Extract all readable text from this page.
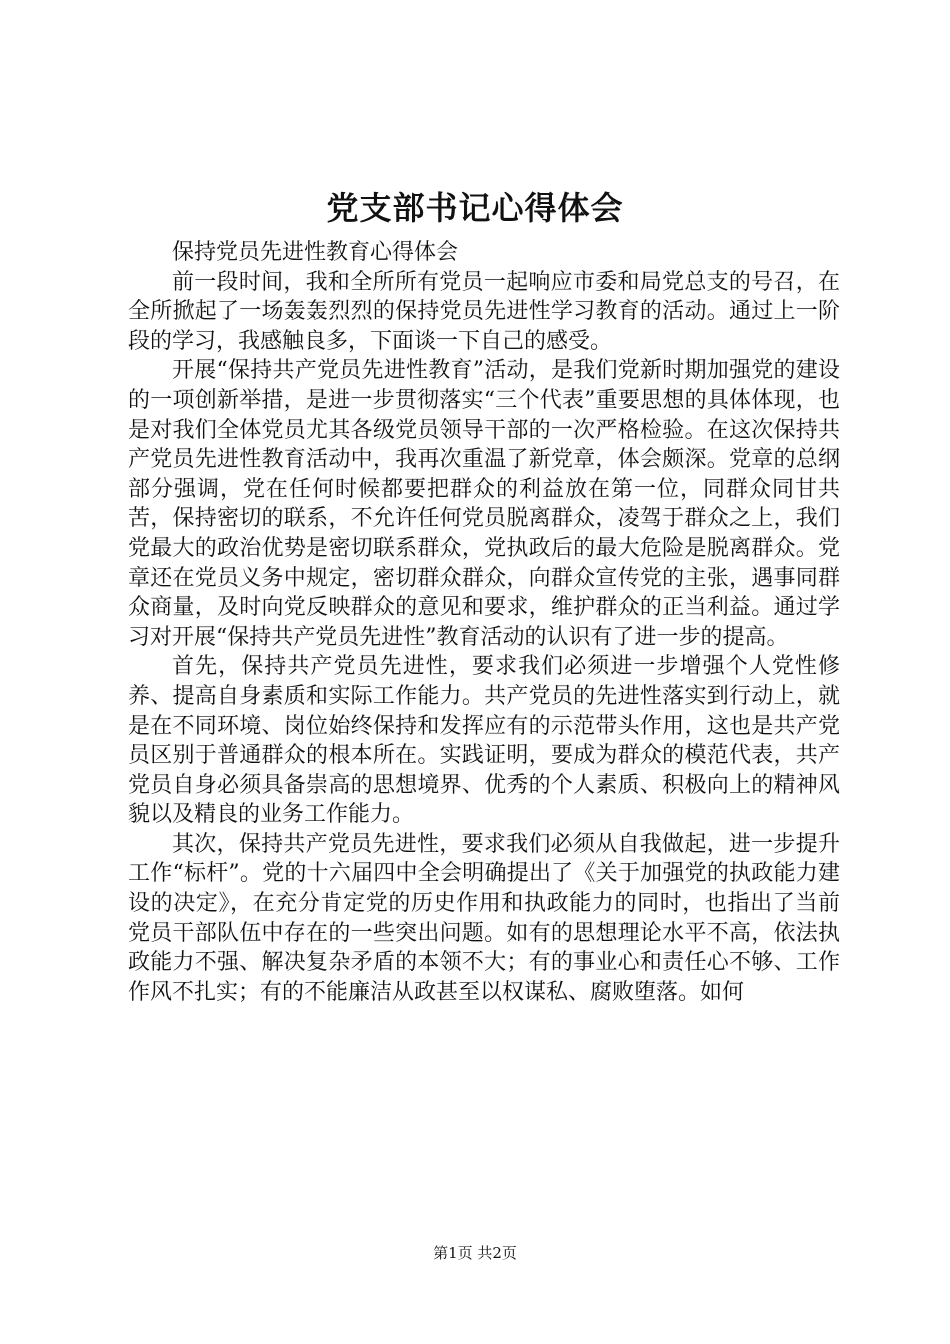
党支部书记心得体会

保持党员先进性教育心得体会

前一段时间，我和全所所有党员一起响应市委和局党总支的号召，在全所掀起了一场轰轰烈烈的保持党员先进性学习教育的活动。通过上一阶段的学习，我感触良多，下面谈一下自己的感受。

开展“保持共产党员先进性教育”活动，是我们党新时期加强党的建设的一项创新举措，是进一步贯彻落实“三个代表”重要思想的具体体现，也是对我们全体党员尤其各级党员领导干部的一次严格检验。在这次保持共产党员先进性教育活动中，我再次重温了新党章，体会颇深。党章的总纲部分强调，党在任何时候都要把群众的利益放在第一位，同群众同甘共苦，保持密切的联系，不允许任何党员脱离群众，凌驾于群众之上，我们党最大的政治优势是密切联系群众，党执政后的最大危险是脱离群众。党章还在党员义务中规定，密切群众群众，向群众宣传党的主张，遇事同群众商量，及时向党反映群众的意见和要求，维护群众的正当利益。通过学习对开展“保持共产党员先进性”教育活动的认识有了进一步的提高。

首先，保持共产党员先进性，要求我们必须进一步增强个人党性修养、提高自身素质和实际工作能力。共产党员的先进性落实到行动上，就是在不同环境、岗位始终保持和发挥应有的示范带头作用，这也是共产党员区别于普通群众的根本所在。实践证明，要成为群众的模范代表，共产党员自身必须具备崇高的思想境界、优秀的个人素质、积极向上的精神风貌以及精良的业务工作能力。

其次，保持共产党员先进性，要求我们必须从自我做起，进一步提升工作“标杆”。党的十六届四中全会明确提出了《关于加强党的执政能力建设的决定》，在充分肯定党的历史作用和执政能力的同时，也指出了当前党员干部队伍中存在的一些突出问题。如有的思想理论水平不高，依法执政能力不强、解决复杂矛盾的本领不大；有的事业心和责任心不够、工作作风不扎实；有的不能廉洁从政甚至以权谋私、腐败堕落。如何

第1页 共2页
